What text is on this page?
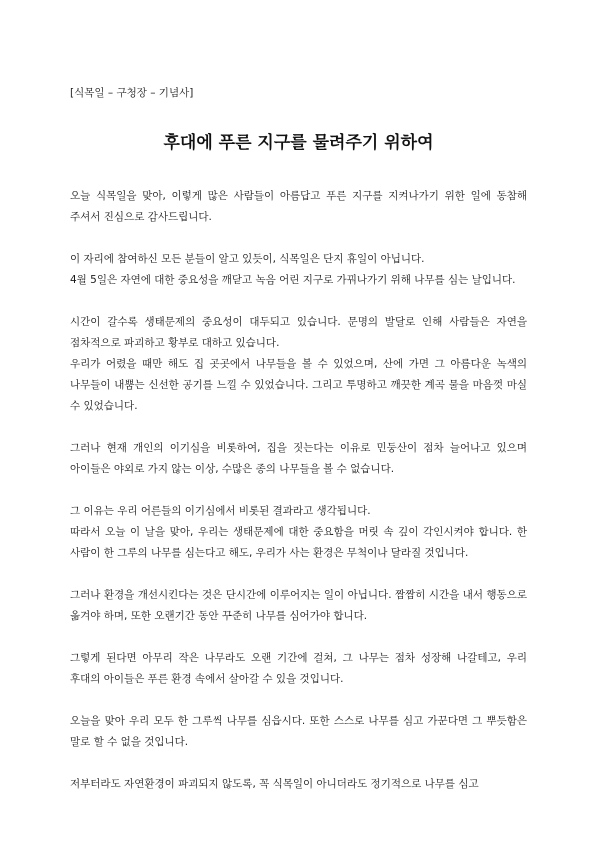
[식목일 – 구청장 – 기념사]

후대에 푸른 지구를 물려주기 위하여

오늘 식목일을 맞아, 이렇게 많은 사람들이 아름답고 푸른 지구를 지켜나가기 위한 일에 동참해 주셔서 진심으로 감사드립니다.

이 자리에 참여하신 모든 분들이 알고 있듯이, 식목일은 단지 휴일이 아닙니다.
4월 5일은 자연에 대한 중요성을 깨닫고 녹음 어린 지구로 가꿔나가기 위해 나무를 심는 날입니다.

시간이 갈수록 생태문제의 중요성이 대두되고 있습니다. 문명의 발달로 인해 사람들은 자연을 점차적으로 파괴하고 황부로 대하고 있습니다.
우리가 어렸을 때만 해도 집 곳곳에서 나무들을 볼 수 있었으며, 산에 가면 그 아름다운 녹색의 나무들이 내뿜는 신선한 공기를 느낄 수 있었습니다. 그리고 투명하고 깨끗한 계곡 물을 마음껏 마실 수 있었습니다.

그러나 현재 개인의 이기심을 비롯하여, 집을 짓는다는 이유로 민둥산이 점차 늘어나고 있으며 아이들은 야외로 가지 않는 이상, 수많은 종의 나무들을 볼 수 없습니다.

그 이유는 우리 어른들의 이기심에서 비롯된 결과라고 생각됩니다.
따라서 오늘 이 날을 맞아, 우리는 생태문제에 대한 중요함을 머릿 속 깊이 각인시켜야 합니다. 한 사람이 한 그루의 나무를 심는다고 해도, 우리가 사는 환경은 무척이나 달라질 것입니다.

그러나 환경을 개선시킨다는 것은 단시간에 이루어지는 일이 아닙니다. 짬짬히 시간을 내서 행동으로 옮겨야 하며, 또한 오랜기간 동안 꾸준히 나무를 심어가야 합니다.

그렇게 된다면 아무리 작은 나무라도 오랜 기간에 걸쳐, 그 나무는 점차 성장해 나갈테고, 우리 후대의 아이들은 푸른 환경 속에서 살아갈 수 있을 것입니다.

오늘을 맞아 우리 모두 한 그루씩 나무를 심읍시다. 또한 스스로 나무를 심고 가꾼다면 그 뿌듯함은 말로 할 수 없을 것입니다.

저부터라도 자연환경이 파괴되지 않도록, 꼭 식목일이 아니더라도 정기적으로 나무를 심고
